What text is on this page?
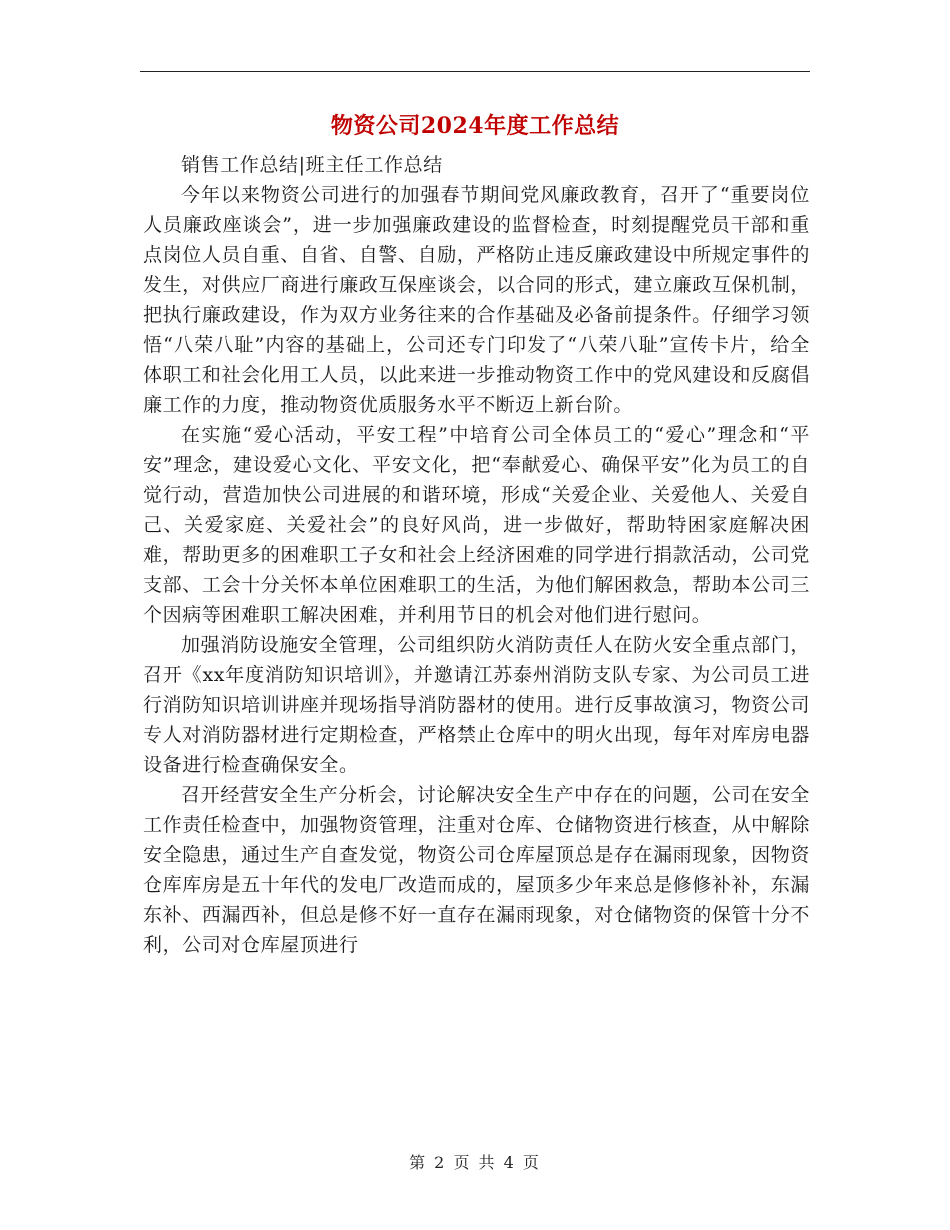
物资公司2024年度工作总结

销售工作总结|班主任工作总结

今年以来物资公司进行的加强春节期间党风廉政教育，召开了“重要岗位人员廉政座谈会”，进一步加强廉政建设的监督检查，时刻提醒党员干部和重点岗位人员自重、自省、自警、自励，严格防止违反廉政建设中所规定事件的发生，对供应厂商进行廉政互保座谈会，以合同的形式，建立廉政互保机制，把执行廉政建设，作为双方业务往来的合作基础及必备前提条件。仔细学习领悟“八荣八耻”内容的基础上，公司还专门印发了“八荣八耻”宣传卡片，给全体职工和社会化用工人员，以此来进一步推动物资工作中的党风建设和反腐倡廉工作的力度，推动物资优质服务水平不断迈上新台阶。

在实施“爱心活动，平安工程”中培育公司全体员工的“爱心”理念和“平安”理念，建设爱心文化、平安文化，把“奉献爱心、确保平安”化为员工的自觉行动，营造加快公司进展的和谐环境，形成“关爱企业、关爱他人、关爱自己、关爱家庭、关爱社会”的良好风尚，进一步做好，帮助特困家庭解决困难，帮助更多的困难职工子女和社会上经济困难的同学进行捐款活动，公司党支部、工会十分关怀本单位困难职工的生活，为他们解困救急，帮助本公司三个因病等困难职工解决困难，并利用节日的机会对他们进行慰问。

加强消防设施安全管理，公司组织防火消防责任人在防火安全重点部门，召开《xx年度消防知识培训》，并邀请江苏泰州消防支队专家、为公司员工进行消防知识培训讲座并现场指导消防器材的使用。进行反事故演习，物资公司专人对消防器材进行定期检查，严格禁止仓库中的明火出现，每年对库房电器设备进行检查确保安全。

召开经营安全生产分析会，讨论解决安全生产中存在的问题，公司在安全工作责任检查中，加强物资管理，注重对仓库、仓储物资进行核查，从中解除安全隐患，通过生产自查发觉，物资公司仓库屋顶总是存在漏雨现象，因物资仓库库房是五十年代的发电厂改造而成的，屋顶多少年来总是修修补补，东漏东补、西漏西补，但总是修不好一直存在漏雨现象，对仓储物资的保管十分不利，公司对仓库屋顶进行

第 2 页 共 4 页
